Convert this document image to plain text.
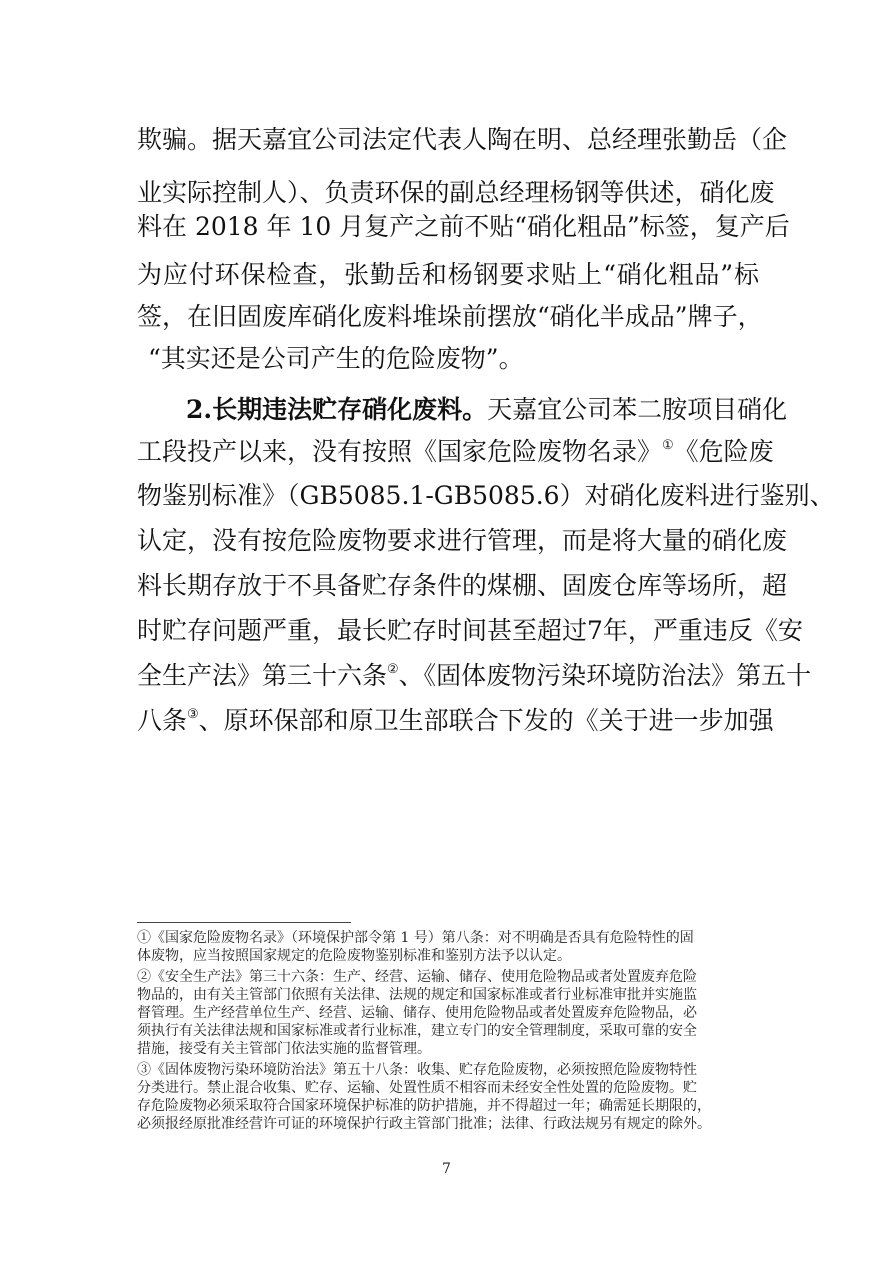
欺骗。据天嘉宜公司法定代表人陶在明、总经理张勤岳（企
业实际控制人）、负责环保的副总经理杨钢等供述，硝化废
料在 2018 年 10 月复产之前不贴“硝化粗品”标签，复产后
为应付环保检查，张勤岳和杨钢要求贴上“硝化粗品”标
签，在旧固废库硝化废料堆垛前摆放“硝化半成品”牌子，
“其实还是公司产生的危险废物”。
2.长期违法贮存硝化废料。天嘉宜公司苯二胺项目硝化
工段投产以来，没有按照《国家危险废物名录》①《危险废
物鉴别标准》（GB5085.1-GB5085.6）对硝化废料进行鉴别、
认定，没有按危险废物要求进行管理，而是将大量的硝化废
料长期存放于不具备贮存条件的煤棚、固废仓库等场所，超
时贮存问题严重，最长贮存时间甚至超过7年，严重违反《安
全生产法》第三十六条②、《固体废物污染环境防治法》第五十
八条③、原环保部和原卫生部联合下发的《关于进一步加强
①《国家危险废物名录》（环境保护部令第 1 号）第八条：对不明确是否具有危险特性的固
体废物，应当按照国家规定的危险废物鉴别标准和鉴别方法予以认定。
②《安全生产法》第三十六条：生产、经营、运输、储存、使用危险物品或者处置废弃危险
物品的，由有关主管部门依照有关法律、法规的规定和国家标准或者行业标准审批并实施监
督管理。生产经营单位生产、经营、运输、储存、使用危险物品或者处置废弃危险物品，必
须执行有关法律法规和国家标准或者行业标准，建立专门的安全管理制度，采取可靠的安全
措施，接受有关主管部门依法实施的监督管理。
③《固体废物污染环境防治法》第五十八条：收集、贮存危险废物，必须按照危险废物特性
分类进行。禁止混合收集、贮存、运输、处置性质不相容而未经安全性处置的危险废物。贮
存危险废物必须采取符合国家环境保护标准的防护措施，并不得超过一年；确需延长期限的，
必须报经原批准经营许可证的环境保护行政主管部门批准；法律、行政法规另有规定的除外。
7
